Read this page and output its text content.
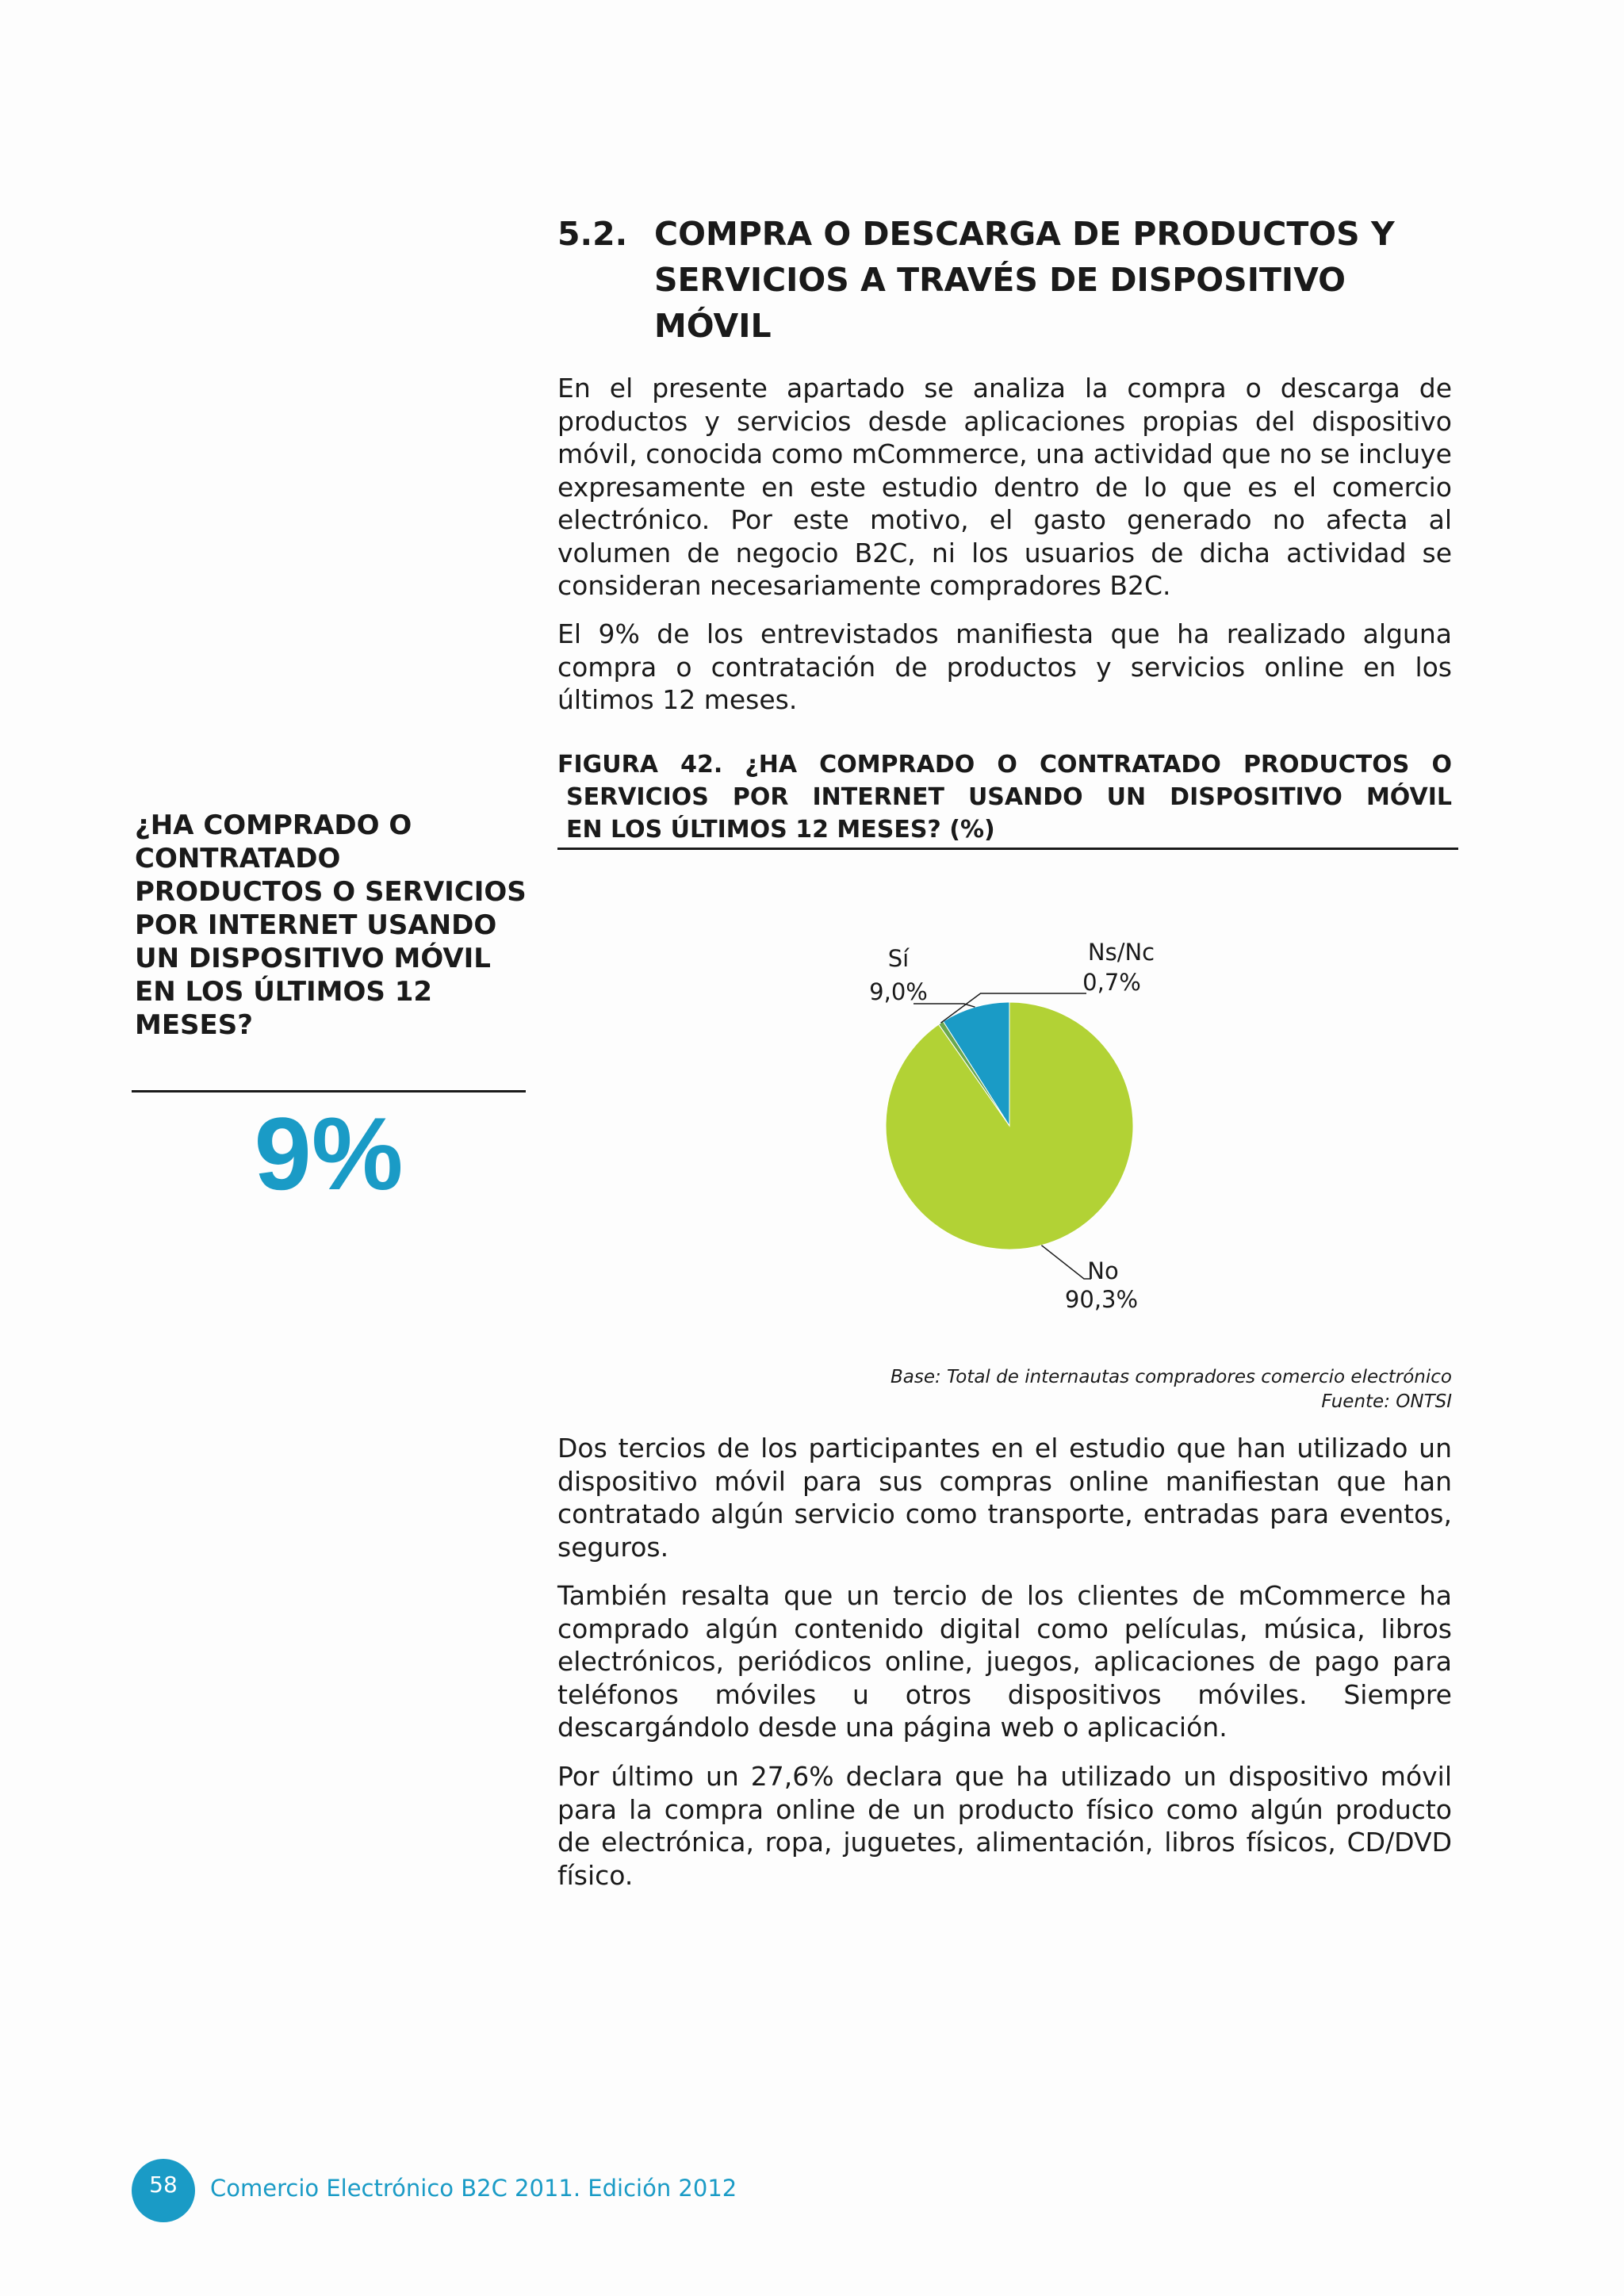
5.2. COMPRA O DESCARGA DE PRODUCTOS Y SERVICIOS A TRAVÉS DE DISPOSITIVO MÓVIL

En el presente apartado se analiza la compra o descarga de productos y servicios desde aplicaciones propias del dispositivo móvil, conocida como mCommerce, una actividad que no se incluye expresamente en este estudio dentro de lo que es el comercio electrónico. Por este motivo, el gasto generado no afecta al volumen de negocio B2C, ni los usuarios de dicha actividad se consideran necesariamente compradores B2C.

El 9% de los entrevistados manifiesta que ha realizado alguna compra o contratación de productos y servicios online en los últimos 12 meses.

FIGURA 42. ¿HA COMPRADO O CONTRATADO PRODUCTOS O
SERVICIOS POR INTERNET USANDO UN DISPOSITIVO MÓVIL
EN LOS ÚLTIMOS 12 MESES? (%)
¿HA COMPRADO O CONTRATADO PRODUCTOS O SERVICIOS POR INTERNET USANDO UN DISPOSITIVO MÓVIL EN LOS ÚLTIMOS 12 MESES?
9%
Sí
9,0%
Ns/Nc
0,7%
No
90,3%
Base: Total de internautas compradores comercio electrónico
Fuente: ONTSI

Dos tercios de los participantes en el estudio que han utilizado un dispositivo móvil para sus compras online manifiestan que han contratado algún servicio como transporte, entradas para eventos, seguros.

También resalta que un tercio de los clientes de mCommerce ha comprado algún contenido digital como películas, música, libros electrónicos, periódicos online, juegos, aplicaciones de pago para teléfonos móviles u otros dispositivos móviles. Siempre descargándolo desde una página web o aplicación.

Por último un 27,6% declara que ha utilizado un dispositivo móvil para la compra online de un producto físico como algún producto de electrónica, ropa, juguetes, alimentación, libros físicos, CD/DVD físico.

58	Comercio Electrónico B2C 2011. Edición 2012
